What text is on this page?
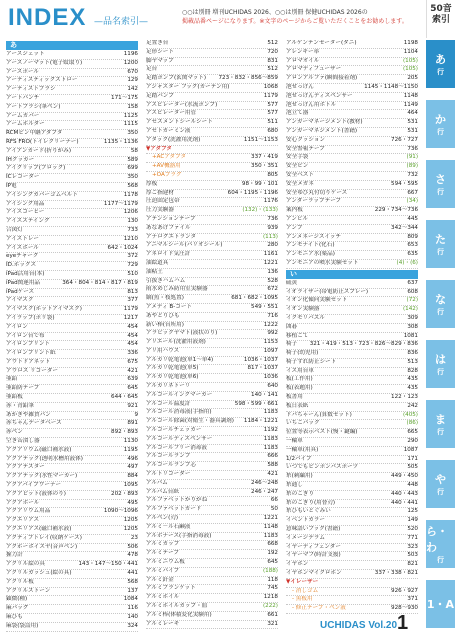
INDEX —品名索引—
○○は別冊 増刊UCHIDAS 2026、○○は別冊 保健UCHIDAS 2026の
掲載品番ページになります。※文字のページからご覧いただくことをお勧めします。
あ
アースジェット	1196
アースノーマット(電子蚊取り)	1200
アースポール	670
アーティスティックストロー	129
アーティストブラシ	142
アートパンチ	171～175
アートブラシ(筆ペン)	158
アームカバー	1125
アームホルダー	1115
RCMピン中継アダプタ	350
RFS FRO(トイレクリーナー)	1135・1136
アイアンカード(折りがみ)	58
IHクッカー	589
アイクリップ(ブロック)	699
ICレコーダー	350
IP電	568
アイシングカバーゴムベルト	1178
アイシング用品	1177～1179
アイスコーヒー	1206
アイスステイング	130
合図灯	733
アイストレー	1210
アイスボール	642・1024
eyeチャーク	372
ID.ホックス	729
iPad活用台(本)	510
iPad関連用品	364・804・814・817・819
iPadケース	813
アイマスク	377
アイマスク(ホットアイマスク)	1179
アイラップ(ポリ袋)	1217
アイロン	454
アイロン台で布	454
アイロンプリント	454
アイロンプリント紙	336
アウトドアネット	675
アウロス リコーダー	421
亜鉛	639
亜鉛防テープ	645
亜鉛板	644・645
赤・青鉛筆	921
あかぎや雑貨パン	9
赤ちゃんデータベース	891
赤ペン	892・893
空き缶潰し器	1130
アクアリウム(磁口補水液)	1195
アクアテック(透明水槽用液体)	496
アクアテスター	497
アクアテック(水性マーカー)	884
アクアバイプワーナー	1095
アクアビット(液体のり)	202・893
アクアボール	495
アクアリウム用品	1090～1096
アクエリアス	1205
アクエリアス(磁口補水液)	1205
アクティブトレイ(収納ケース)	23
アクホーボイスヤ(音声ペン)	506
握力計	478
アクリル絵の具	143・147～150・441
アクリルガッシュ(絵の具)	441
アクリル板	568
アクリルストーン	137
顕微(種)	1084
麻バッグ	116
麻ひも	140
麻袋(袋詰用)	324
足置き台	512
足形シート	720
脚ヤマップ	831
足台	512
足踏ポンプ(玄関マット) 723・832・856～859
アジャスター フック(カーテン用)	1068
足踏パンプ	1179
アスピレーター(水流ポンプ)	577
アスピレーター用管	577
アセスメントシールシート	511
アセトカーミン液	680
アタック(洗濯用洗剤)	1151～1153
▼アダプタ
+ACアダプタ	337・419
+AV機器用	350・351
+OAプラグ	805
厚板	98・99・101
厚ご指建材	604・1195・1196
圧迫固定包帯	1176
圧力実験器	(132)・(133)
アテンションテープ	736
あなあけファイル	939
アナログエトランタ	(113)
アニマルシール(パリオシール)	280
アネロイド気圧計	1161
油絵道具	1221
油粘土	136
引抜きハムハム	528
雨水めじみ防用室実験器	672
網(魚・枝処置)	681・682・1095
アメディ B-コート	549・551
あやとりひも	716
新い棒(台所用)	1222
アラビックヤマト(液状のり)	992
アリエール(洗濯用液剤)	1153
アリ用ハウス	1097
アルカリ乾電池(単1～単4)	1036・1037
アルカリ乾電池(単5)	817・1037
アルカリ乾電池(単6)	1036
アルカリネトーリ	640
アルコールインクマーカー	140・141
アルコール温度計	598・599・661
アルコール消毒液(手指用)	1183
アルコール除菌(対衛生・器具調剤) 1184・1221
アルコールチェッカー	1192
アルコールディスペンサー	1183
アルコールフリー消毒液	1183
アルコールランプ	666
アルコールランプ芯	588
アルトリコーダー	421
アルバム	246～248
アルバム台紙	246・247
アルファベットかりがね	66
アルファベットカード	50
アルペン(刃)	1221
アルミ－ル石鹸液	1148
アルボナース(手指消毒液)	1183
アルミカップ	668
アルミテープ	192
アルミニウム板	645
アルミパイプ	(188)
アルミ針金	118
アルミブランケット	745
アルミホイル	1218
アルミホイルカップ・皿	(222)
アルミ棒(体積変化実験用)	661
アルミレーキ	321
アルゲンテンセーター(ダニ)	1198
アレンキー率	1104
アロマオイル	(105)
アロマディフューザー	(105)
アロンアルファ(瞬間接着剤)	205
泡せっけん	1145・1148～1150
泡せっけんディスペンサー	1148
泡せっけん用ボトル	1149
泡立て器	464
アンガーマネージメント(教材)	531
アンガーマネジメント(書籍)	531
安心クッション	726・727
安全警報テープ	736
安全手袋	(91)
安全ピン	(89)
安全ベスト	732
安全メガネ	594・595
安全ゆび丸付切りケース	667
アンダーラップテープ	(34)
案内板	229・734～736
アンビル	445
アンプ	342～344
アンメネージスイッチ	809
アンモナイト(化石)	653
アンモニア水(薬品)	635
アンモニアの噴水実験セット	(4)・(6)
い
硫黄	637
イオライザー(帯電防止スプレー)	608
イオン化傾向実験セット	(72)
イオン実験器	(142)
イクモリパズル	309
囲碁	308
移植ごて	1081
椅子 321・419・513・723・826～829・836
椅子(幼児用)	836
椅子すれ防止シート	513
イス用台車	828
板(工作用)	435
板(表題用)	435
板書用	122・123
板日表紙	242
ドバちゃーん(算数セット)	(405)
いちごパック	(86)
位置等表示ベスト(慢・鍵編)	665
一輪車	290
一輪車(用具)	1087
1/2パイプ	171
いつでもピンポンバスポーツ	505
糸(刺繍用)	449・450
糸通し	448
糸のこぎり	440・443
糸のこぎり(用替刃)	440・441
糸ひもいとぐみい	125
イベントカラー	149
意味語いブック(書籍)	520
イメージデラム	771
イヤーディフェンダー	323
イヤーマフ(時計支援)	503
イヤホン	821
イヤホンマイクロホン	337・338・821
▼イレーザー
- 消しゴム	926・927
- 黒板用	371
- 修正テープ・ペン液	928～930
50音索引
あ
行
か
行
さ
行
た
行
な
行
は
行
ま
行
や
行
ら・わ
行
1・A
UCHIDAS Vol.20 1
